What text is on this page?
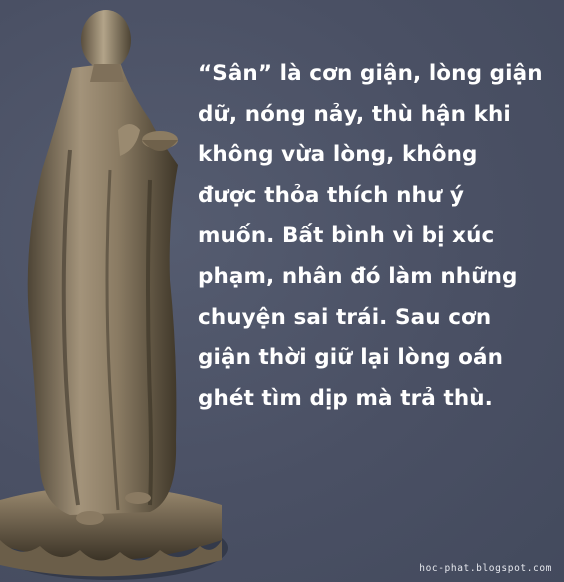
“Sân” là cơn giận, lòng giận
dữ, nóng nảy, thù hận khi
không vừa lòng, không
được thỏa thích như ý
muốn. Bất bình vì bị xúc
phạm, nhân đó làm những
chuyện sai trái. Sau cơn
giận thời giữ lại lòng oán
ghét tìm dịp mà trả thù.

hoc-phat.blogspot.com
